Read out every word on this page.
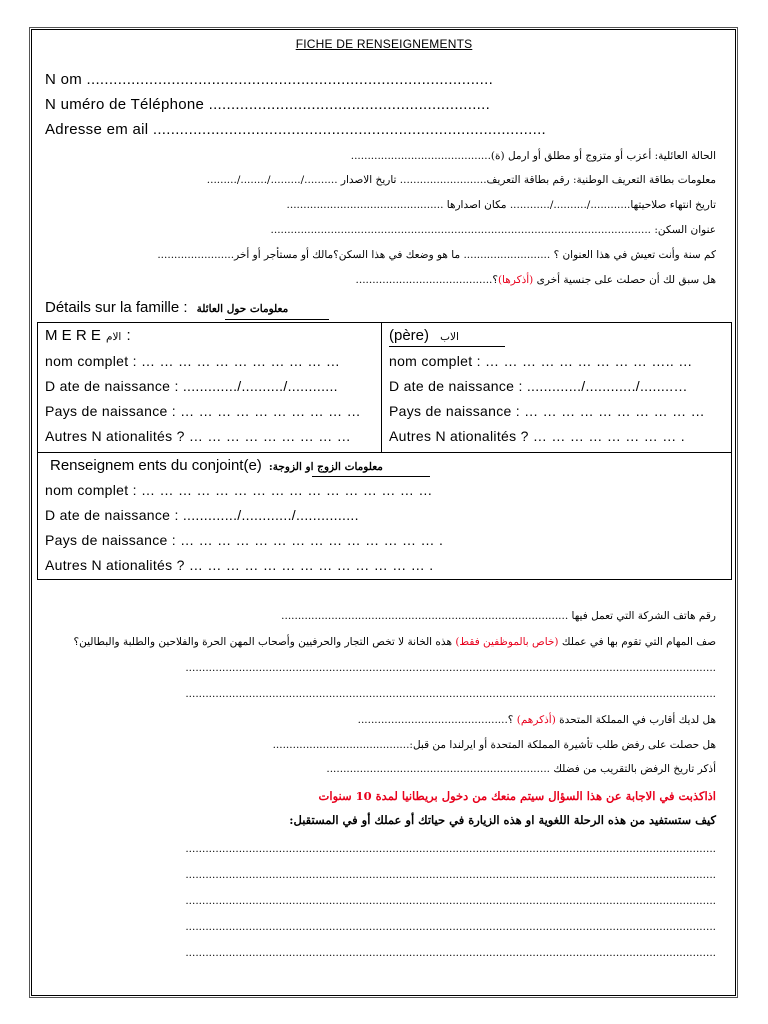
FICHE DE RENSEIGNEMENTS
N om ...........................................................................................
N uméro de Téléphone ...............................................................
Adresse em ail ........................................................................................
الحالة العائلية: أعزب أو متزوج أو مطلق أو ارمل (ة)..........................................
معلومات بطاقة التعريف الوطنية: رقم بطاقة التعريف.......................... تاريخ الاصدار ........../........./......../.........
تاريخ انتهاء صلاحيتها............/........../............ مكان اصدارها ...............................................
عنوان السكن: ..................................................................................................................
كم سنة وأنت تعيش في هذا العنوان ؟ .......................... ما هو وضعك في هذا السكن؟مالك أو مستأجر أو أخر.......................
هل سبق لك أن حصلت على جنسية أخرى (أذكرها)؟.........................................
Détails sur la famille : معلومات حول العائلة
M E R E الام :
nom complet : … … … … … … … … … … …
D ate de naissance : ............./........../............
Pays de naissance : … … … … … … … … … …
Autres N ationalités ? … … … … … … … … …
(père) الاب
nom complet : … … … … … … … … … ….. …
D ate de naissance : ............./............/........…
Pays de naissance : … … … … … … … … … …
Autres N ationalités ? … … … … … … … … .
Renseignem ents du conjoint(e) معلومات الزوج او الزوجة:
nom complet : … … … … … … … … … … … … … … … …
D ate de naissance : ............./............/...............
Pays de naissance : … … … … … … … … … … … … … … .
Autres N ationalités ? … … … … … … … … … … … … … .
رقم هاتف الشركة التي تعمل فيها ......................................................................................
صف المهام التي تقوم بها في عملك (خاص بالموظفين فقط) هذه الخانة لا تخص التجار والحرفيين وأصحاب المهن الحرة والفلاحين والطلبة والبطالين؟
...............................................................................................................................................................
...............................................................................................................................................................
هل لديك أقارب في المملكة المتحدة (أذكرهم) ؟.............................................
هل حصلت على رفض طلب تأشيرة المملكة المتحدة أو ايرلندا من قبل:.........................................
أذكر تاريخ الرفض بالتقريب من فضلك ...................................................................
اذاكذبت في الاجابة عن هذا السؤال سيتم منعك من دخول بريطانيا لمدة 10 سنوات
كيف ستستفيد من هذه الرحلة اللغوية او هذه الزيارة في حياتك أو عملك أو في المستقبل:
...............................................................................................................................................................
...............................................................................................................................................................
...............................................................................................................................................................
...............................................................................................................................................................
...............................................................................................................................................................
